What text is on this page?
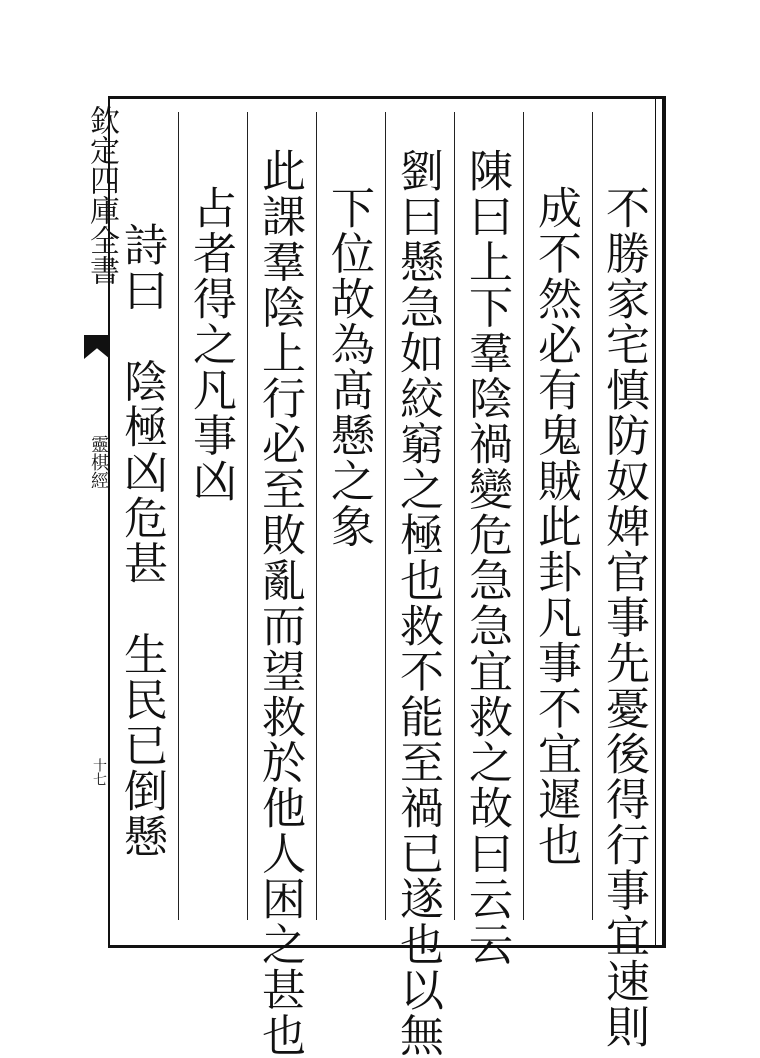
欽定四庫全書
靈棋經
十七	不勝家宅慎防奴婢官事先憂後得行事宜速則
成不然必有鬼賊此卦凡事不宜遲也
陳曰上下羣陰禍變危急急宜救之故曰云云
劉曰懸急如絞窮之極也救不能至禍已遂也以無
下位故為髙懸之象
此課羣陰上行必至敗亂而望救於他人困之甚也
占者得之凡事凶
詩曰　陰極凶危甚　生民已倒懸
